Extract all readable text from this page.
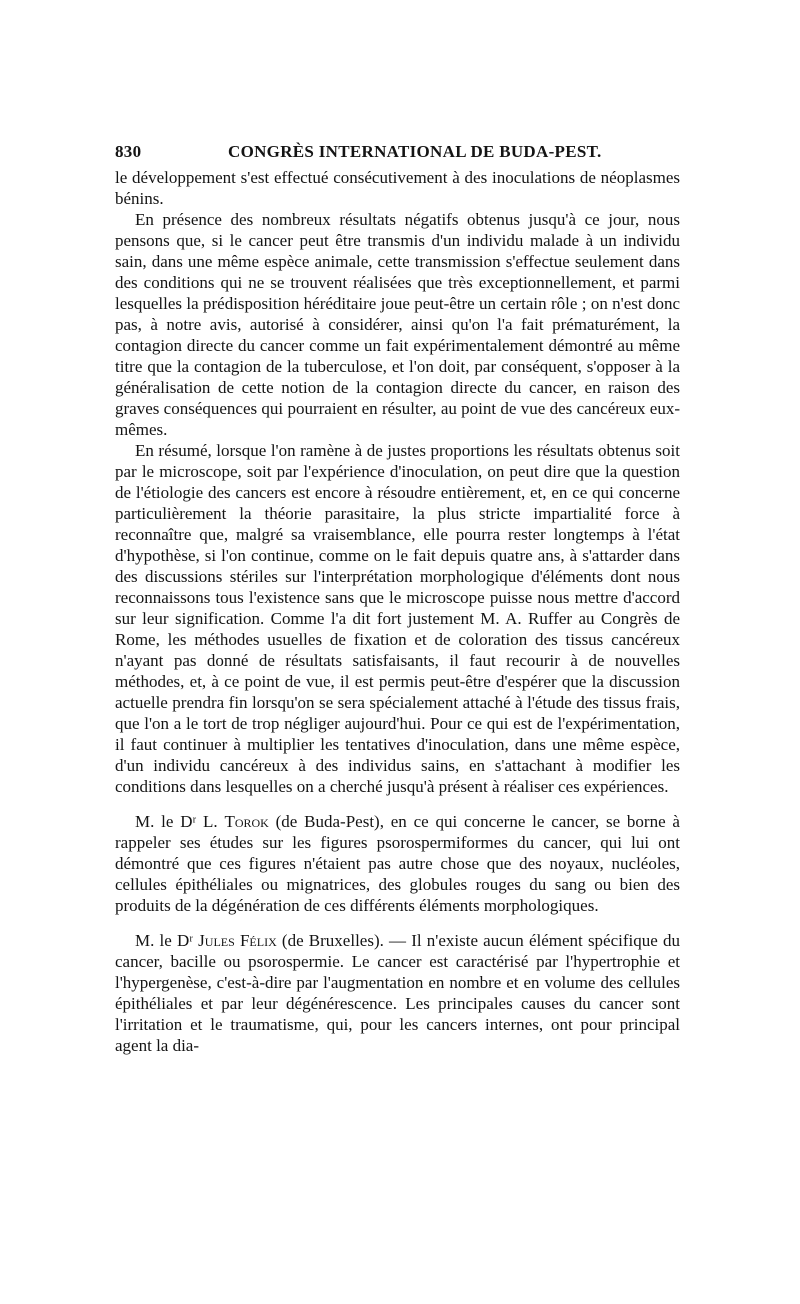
830	CONGRÈS INTERNATIONAL DE BUDA-PEST.

le développement s'est effectué consécutivement à des inoculations de néoplasmes bénins.

En présence des nombreux résultats négatifs obtenus jusqu'à ce jour, nous pensons que, si le cancer peut être transmis d'un individu malade à un individu sain, dans une même espèce animale, cette transmission s'effectue seulement dans des conditions qui ne se trouvent réalisées que très exceptionnellement, et parmi lesquelles la prédisposition héréditaire joue peut-être un certain rôle ; on n'est donc pas, à notre avis, autorisé à considérer, ainsi qu'on l'a fait prématurément, la contagion directe du cancer comme un fait expérimentalement démontré au même titre que la contagion de la tuberculose, et l'on doit, par conséquent, s'opposer à la généralisation de cette notion de la contagion directe du cancer, en raison des graves conséquences qui pourraient en résulter, au point de vue des cancéreux eux-mêmes.

En résumé, lorsque l'on ramène à de justes proportions les résultats obtenus soit par le microscope, soit par l'expérience d'inoculation, on peut dire que la question de l'étiologie des cancers est encore à résoudre entièrement, et, en ce qui concerne particulièrement la théorie parasitaire, la plus stricte impartialité force à reconnaître que, malgré sa vraisemblance, elle pourra rester longtemps à l'état d'hypothèse, si l'on continue, comme on le fait depuis quatre ans, à s'attarder dans des discussions stériles sur l'interprétation morphologique d'éléments dont nous reconnaissons tous l'existence sans que le microscope puisse nous mettre d'accord sur leur signification. Comme l'a dit fort justement M. A. Ruffer au Congrès de Rome, les méthodes usuelles de fixation et de coloration des tissus cancéreux n'ayant pas donné de résultats satisfaisants, il faut recourir à de nouvelles méthodes, et, à ce point de vue, il est permis peut-être d'espérer que la discussion actuelle prendra fin lorsqu'on se sera spécialement attaché à l'étude des tissus frais, que l'on a le tort de trop négliger aujourd'hui. Pour ce qui est de l'expérimentation, il faut continuer à multiplier les tentatives d'inoculation, dans une même espèce, d'un individu cancéreux à des individus sains, en s'attachant à modifier les conditions dans lesquelles on a cherché jusqu'à présent à réaliser ces expériences.

M. le Dʳ L. Torok (de Buda-Pest), en ce qui concerne le cancer, se borne à rappeler ses études sur les figures psorospermiformes du cancer, qui lui ont démontré que ces figures n'étaient pas autre chose que des noyaux, nucléoles, cellules épithéliales ou mignatrices, des globules rouges du sang ou bien des produits de la dégénération de ces différents éléments morphologiques.

M. le Dʳ Jules Félix (de Bruxelles). — Il n'existe aucun élément spécifique du cancer, bacille ou psorospermie. Le cancer est caractérisé par l'hypertrophie et l'hypergenèse, c'est-à-dire par l'augmentation en nombre et en volume des cellules épithéliales et par leur dégénérescence. Les principales causes du cancer sont l'irritation et le traumatisme, qui, pour les cancers internes, ont pour principal agent la dia-
